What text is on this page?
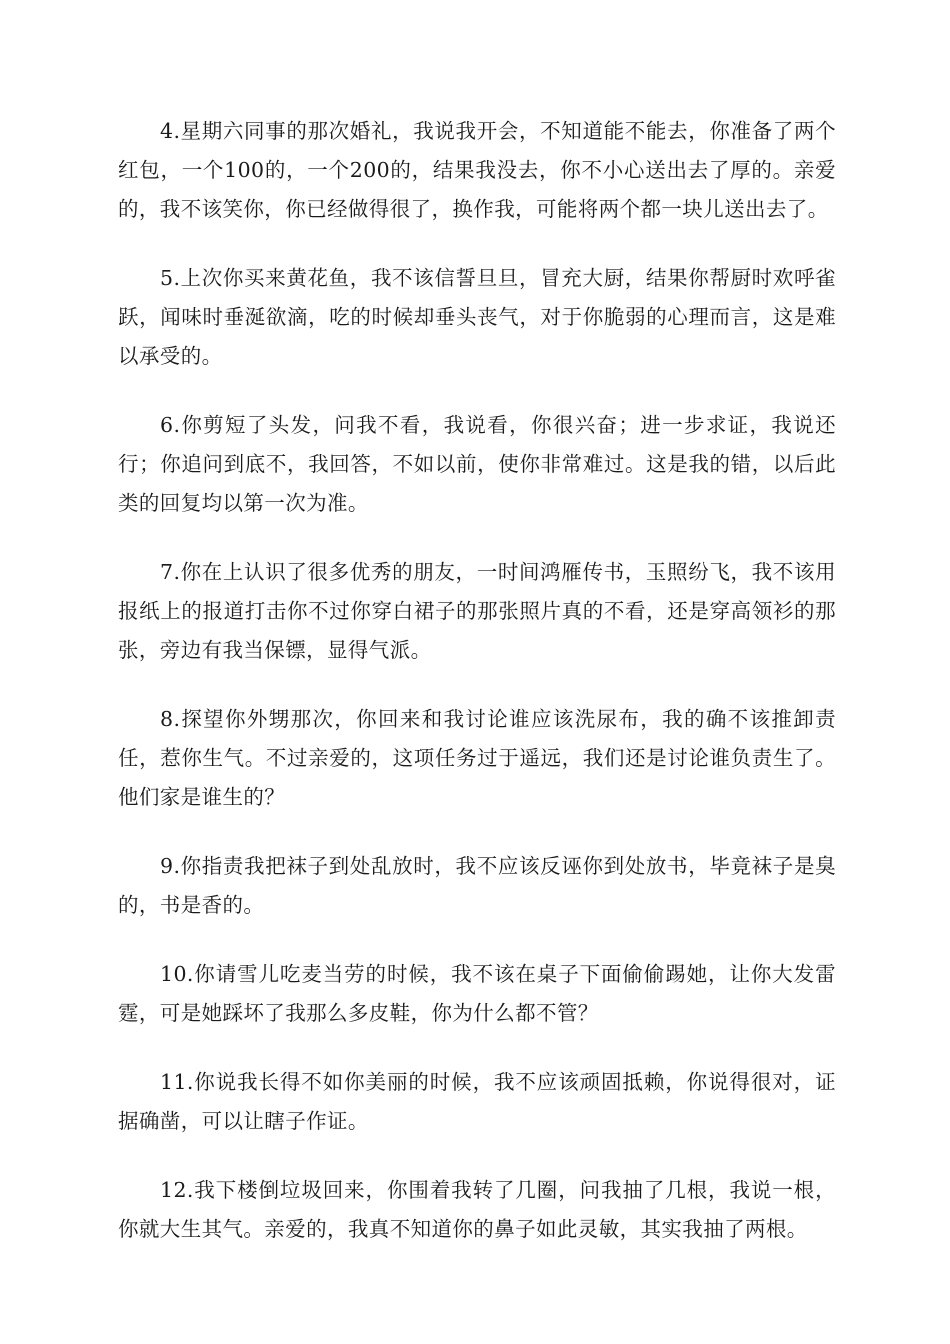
4.星期六同事的那次婚礼，我说我开会，不知道能不能去，你准备了两个红包，一个100的，一个200的，结果我没去，你不小心送出去了厚的。亲爱的，我不该笑你，你已经做得很了，换作我，可能将两个都一块儿送出去了。

5.上次你买来黄花鱼，我不该信誓旦旦，冒充大厨，结果你帮厨时欢呼雀跃，闻味时垂涎欲滴，吃的时候却垂头丧气，对于你脆弱的心理而言，这是难以承受的。

6.你剪短了头发，问我不看，我说看，你很兴奋；进一步求证，我说还行；你追问到底不，我回答，不如以前，使你非常难过。这是我的错，以后此类的回复均以第一次为准。

7.你在上认识了很多优秀的朋友，一时间鸿雁传书，玉照纷飞，我不该用报纸上的报道打击你不过你穿白裙子的那张照片真的不看，还是穿高领衫的那张，旁边有我当保镖，显得气派。

8.探望你外甥那次，你回来和我讨论谁应该洗尿布，我的确不该推卸责任，惹你生气。不过亲爱的，这项任务过于遥远，我们还是讨论谁负责生了。他们家是谁生的？

9.你指责我把袜子到处乱放时，我不应该反诬你到处放书，毕竟袜子是臭的，书是香的。

10.你请雪儿吃麦当劳的时候，我不该在桌子下面偷偷踢她，让你大发雷霆，可是她踩坏了我那么多皮鞋，你为什么都不管？

11.你说我长得不如你美丽的时候，我不应该顽固抵赖，你说得很对，证据确凿，可以让瞎子作证。

12.我下楼倒垃圾回来，你围着我转了几圈，问我抽了几根，我说一根，你就大生其气。亲爱的，我真不知道你的鼻子如此灵敏，其实我抽了两根。
